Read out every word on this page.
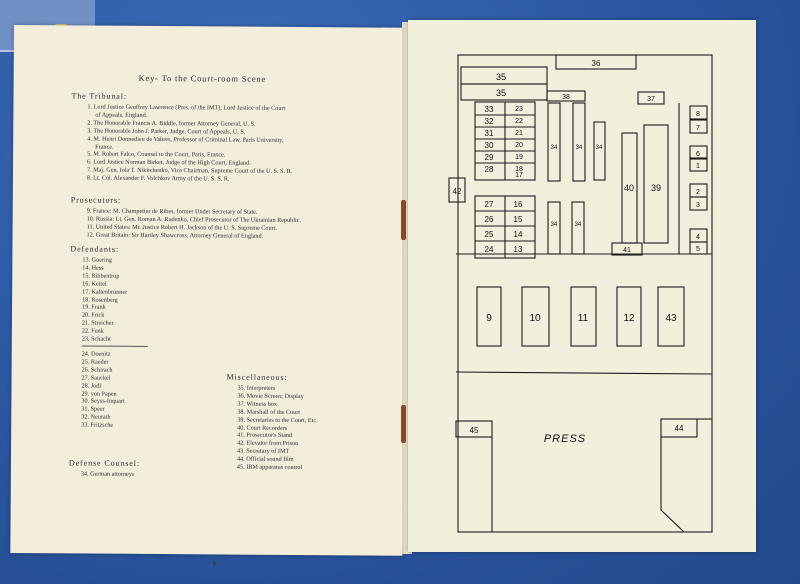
Key- To the Court-room Scene
The Tribunal:
1. Lord Justice Geoffrey Lawrence (Pres. of the IMT), Lord Justice of the Court
of Appeals, England.
2. The Honorable Francis A. Biddle, former Attorney General, U. S.
3. The Honorable John J. Parker, Judge, Court of Appeals, U. S.
4. M. Henri Donnedieu de Vabres, Professor of Criminal Law, Paris University,
France.
5. M. Robert Falco, Counsel to the Court, Paris, France.
6. Lord Justice Norman Birket, Judge of the High Court, England.
7. Maj. Gen. Iola T. Nikitchenko, Vice Chairman, Supreme Court of the U. S. S. R.
8. Lt. Col. Alexander F. Volchkov Army of the U. S. S. R.
Prosecutors:
9. France: M. Champetier de Ribes, former Under Secretary of State.
10. Russia: Lt. Gen. Roman A. Rudenko, Chief Prosecutor of The Ukrainian Republic.
11. United States: Mr. Justice Robert H. Jackson of the U. S. Supreme Court.
12. Great Britain: Sir Hartley Shawcross, Attorney General of England.
Defendants:
13. Goering
14. Hess
15. Ribbentrop
16. Keitel
17. Kaltenbrunner
18. Rosenberg
19. Frank
20. Frick
21. Streicher
22. Funk
23. Schacht
24. Doenitz
25. Raeder
26. Schirach
27. Sauckel
28. Jodl
29. von Papen
30. Seyss-Inquart
31. Speer
32. Neurath
33. Fritzsche
Defense Counsel:
34. German attorneys
Miscellaneous:
35. Interpreters
36. Movie Screen; Display
37. Witness box
38. Marshall of the Court
39. Secretaries to the Court, Etc.
40. Court Recorders
41. Prosecutor's Stand
42. Elevator from Prison
43. Secretary of IMT
44. Official sound film
45. IBM apparatus control
- 6 -
35
35
36
38	37
33
32
31
30
29
28
23
22
21
20
19
18
17
27
26
25
24
16
15
14
13
34	34 34
34	34
42	40 39
41
8
7
6
1
2
3
4
5
9	10	11	12	43
45	44
PRESS
